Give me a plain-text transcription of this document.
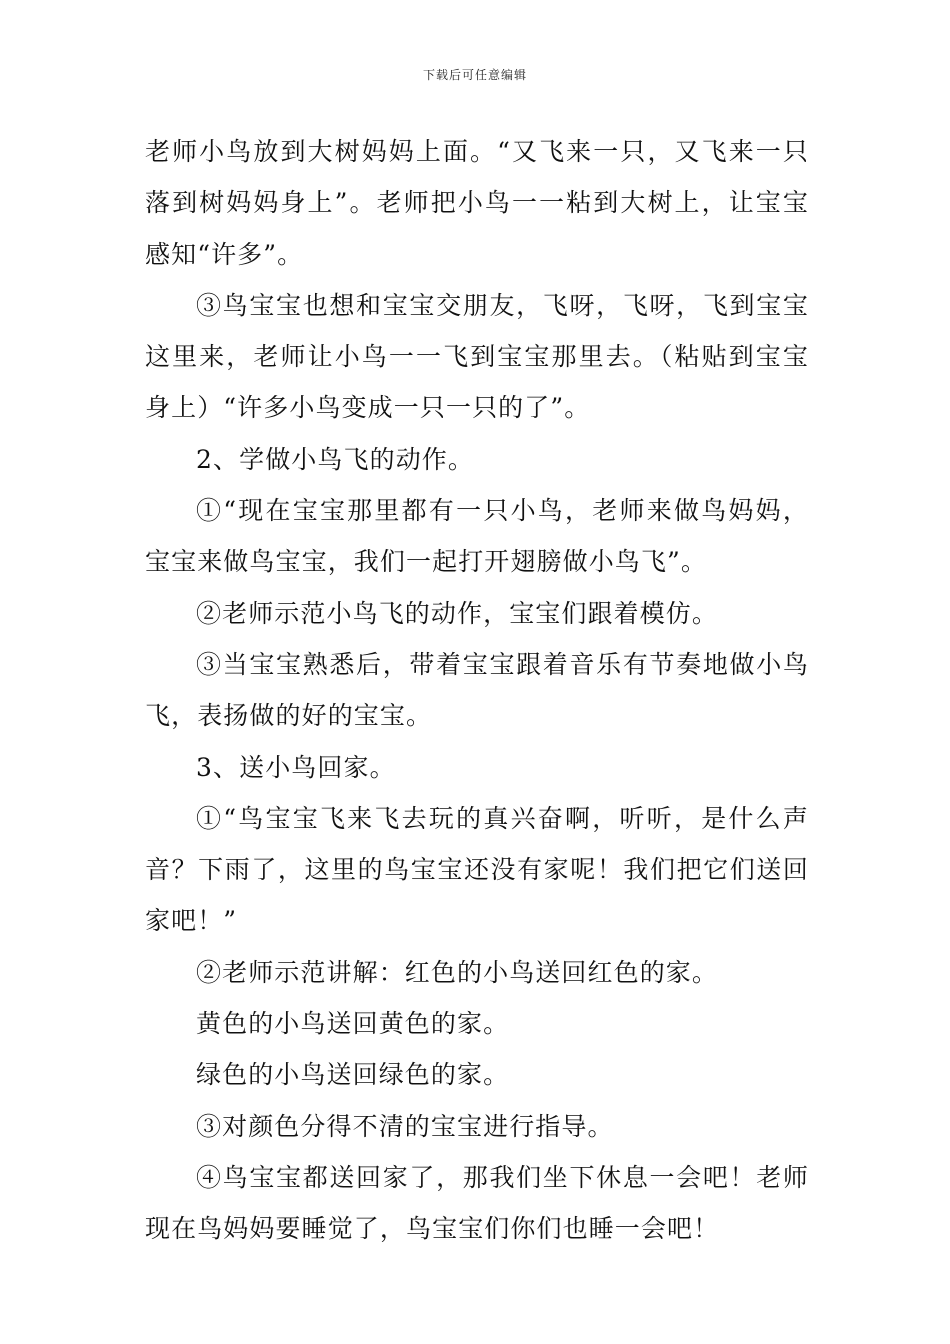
下载后可任意编辑

老师小鸟放到大树妈妈上面。“又飞来一只，又飞来一只落到树妈妈身上”。老师把小鸟一一粘到大树上，让宝宝感知“许多”。

③鸟宝宝也想和宝宝交朋友，飞呀，飞呀，飞到宝宝这里来，老师让小鸟一一飞到宝宝那里去。（粘贴到宝宝身上）“许多小鸟变成一只一只的了”。

2、学做小鸟飞的动作。

①“现在宝宝那里都有一只小鸟，老师来做鸟妈妈，宝宝来做鸟宝宝，我们一起打开翅膀做小鸟飞”。

②老师示范小鸟飞的动作，宝宝们跟着模仿。

③当宝宝熟悉后，带着宝宝跟着音乐有节奏地做小鸟飞，表扬做的好的宝宝。

3、送小鸟回家。

①“鸟宝宝飞来飞去玩的真兴奋啊，听听，是什么声音？下雨了，这里的鸟宝宝还没有家呢！我们把它们送回家吧！”

②老师示范讲解：红色的小鸟送回红色的家。

黄色的小鸟送回黄色的家。

绿色的小鸟送回绿色的家。

③对颜色分得不清的宝宝进行指导。

④鸟宝宝都送回家了，那我们坐下休息一会吧！老师现在鸟妈妈要睡觉了，鸟宝宝们你们也睡一会吧！
